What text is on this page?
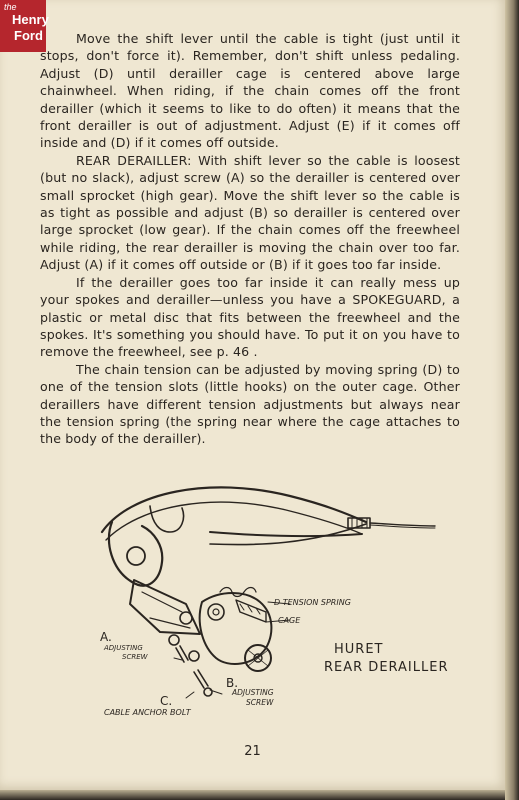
the
Henry
Ford	Move the shift lever until the cable is tight (just until it stops, don't force it). Remember, don't shift unless pedaling. Adjust (D) until derailler cage is centered above large chainwheel. When riding, if the chain comes off the front derailler (which it seems to like to do often) it means that the front derailler is out of adjustment. Adjust (E) if it comes off inside and (D) if it comes off outside.

REAR DERAILLER: With shift lever so the cable is loosest (but no slack), adjust screw (A) so the derailler is centered over small sprocket (high gear). Move the shift lever so the cable is as tight as possible and adjust (B) so derailler is centered over large sprocket (low gear). If the chain comes off the freewheel while riding, the rear derailler is moving the chain over too far. Adjust (A) if it comes off outside or (B) if it goes too far inside.

If the derailler goes too far inside it can really mess up your spokes and derailler—unless you have a SPOKEGUARD, a plastic or metal disc that fits between the freewheel and the spokes. It's something you should have. To put it on you have to remove the freewheel, see p. 46 .

The chain tension can be adjusted by moving spring (D) to one of the tension slots (little hooks) on the outer cage. Other deraillers have different tension adjustments but always near the tension spring (the spring near where the cage attaches to the body of the derailler).

D TENSION SPRING
CAGE
A.
ADJUSTING
SCREW
B.
ADJUSTING
SCREW
C.
CABLE ANCHOR BOLT
HURET
REAR DERAILLER
21
